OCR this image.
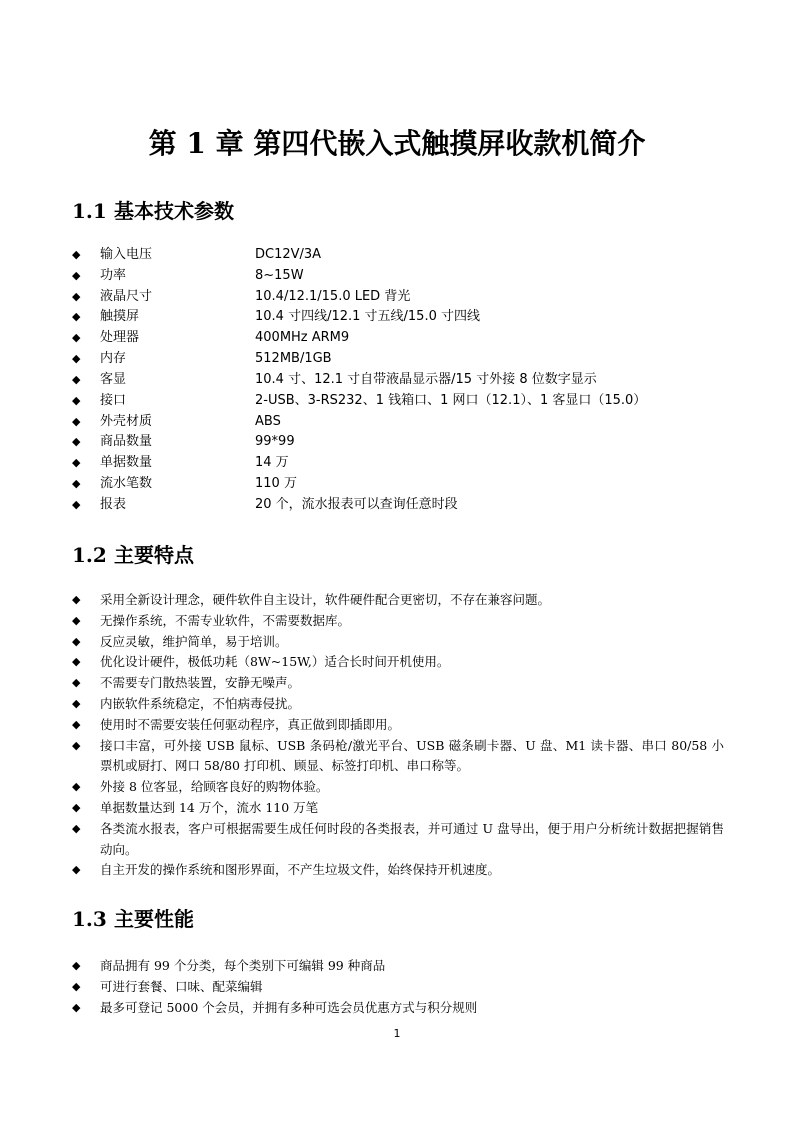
第 1 章 第四代嵌入式触摸屏收款机简介
1.1 基本技术参数
◆	输入电压	DC12V/3A
◆	功率	8~15W
◆	液晶尺寸	10.4/12.1/15.0 LED 背光
◆	触摸屏	10.4 寸四线/12.1 寸五线/15.0 寸四线
◆	处理器	400MHz ARM9
◆	内存	512MB/1GB
◆	客显	10.4 寸、12.1 寸自带液晶显示器/15 寸外接 8 位数字显示
◆	接口	2-USB、3-RS232、1 钱箱口、1 网口（12.1）、1 客显口（15.0）
◆	外壳材质	ABS
◆	商品数量	99*99
◆	单据数量	14 万
◆	流水笔数	110 万
◆	报表	20 个，流水报表可以查询任意时段
1.2 主要特点
◆	采用全新设计理念，硬件软件自主设计，软件硬件配合更密切，不存在兼容问题。
◆	无操作系统，不需专业软件，不需要数据库。
◆	反应灵敏，维护简单，易于培训。
◆	优化设计硬件，极低功耗（8W~15W,）适合长时间开机使用。
◆	不需要专门散热装置，安静无噪声。
◆	内嵌软件系统稳定，不怕病毒侵扰。
◆	使用时不需要安装任何驱动程序，真正做到即插即用。
◆	接口丰富，可外接 USB 鼠标、USB 条码枪/激光平台、USB 磁条刷卡器、U 盘、M1 读卡器、串口 80/58 小票机或厨打、网口 58/80 打印机、顾显、标签打印机、串口称等。
◆	外接 8 位客显，给顾客良好的购物体验。
◆	单据数量达到 14 万个，流水 110 万笔
◆	各类流水报表，客户可根据需要生成任何时段的各类报表，并可通过 U 盘导出，便于用户分析统计数据把握销售动向。
◆	自主开发的操作系统和图形界面，不产生垃圾文件，始终保持开机速度。
1.3 主要性能
◆	商品拥有 99 个分类，每个类别下可编辑 99 种商品
◆	可进行套餐、口味、配菜编辑
◆	最多可登记 5000 个会员，并拥有多种可选会员优惠方式与积分规则
1
